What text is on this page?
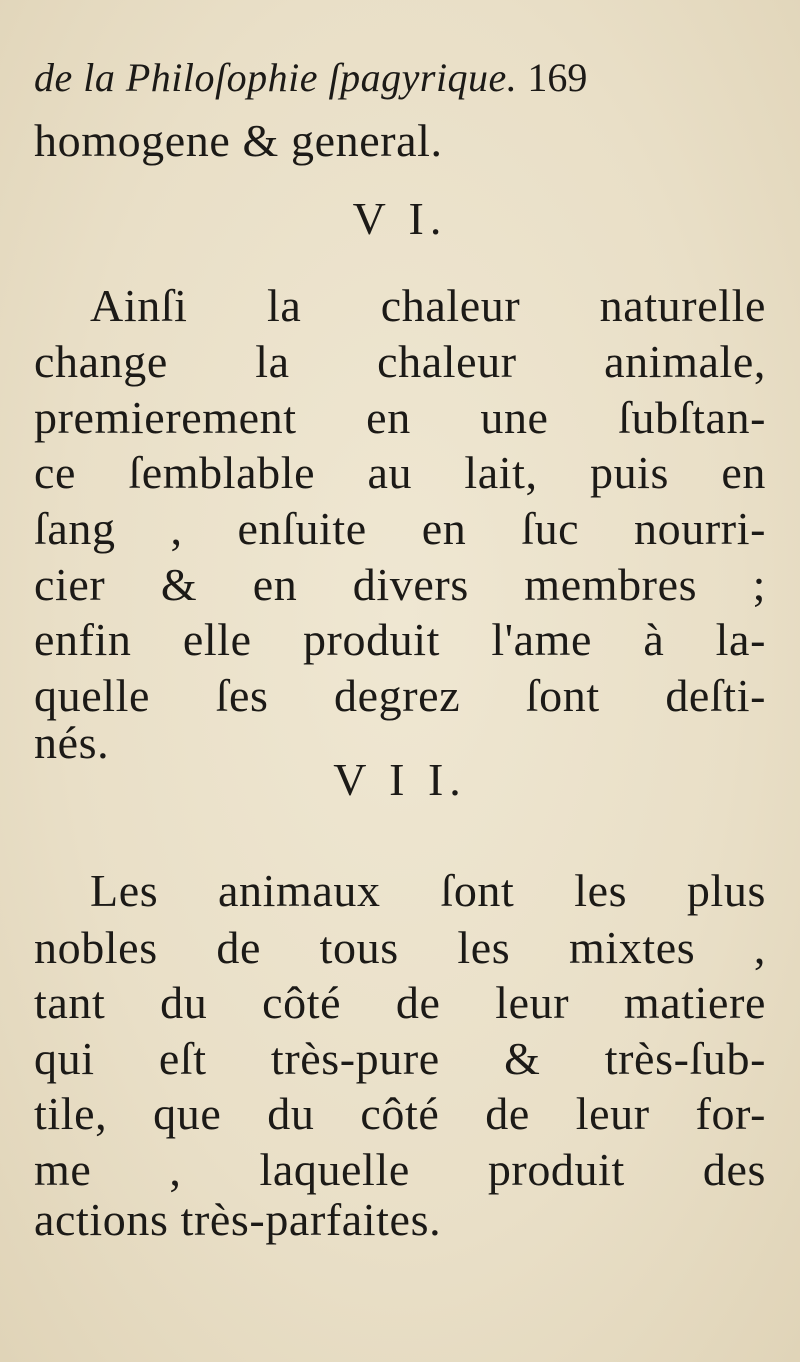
de la Philoſophie ſpagyrique. 169
homogene & general.
V I.
Ainſi la chaleur naturelle
change la chaleur animale,
premierement en une ſubſtan-
ce ſemblable au lait, puis en
ſang , enſuite en ſuc nourri-
cier & en divers membres ;
enfin elle produit l'ame à la-
quelle ſes degrez ſont deſti-
nés.
V I I.
Les animaux ſont les plus
nobles de tous les mixtes ,
tant du côté de leur matiere
qui eſt très-pure & très-ſub-
tile, que du côté de leur for-
me , laquelle produit des
actions très-parfaites.
